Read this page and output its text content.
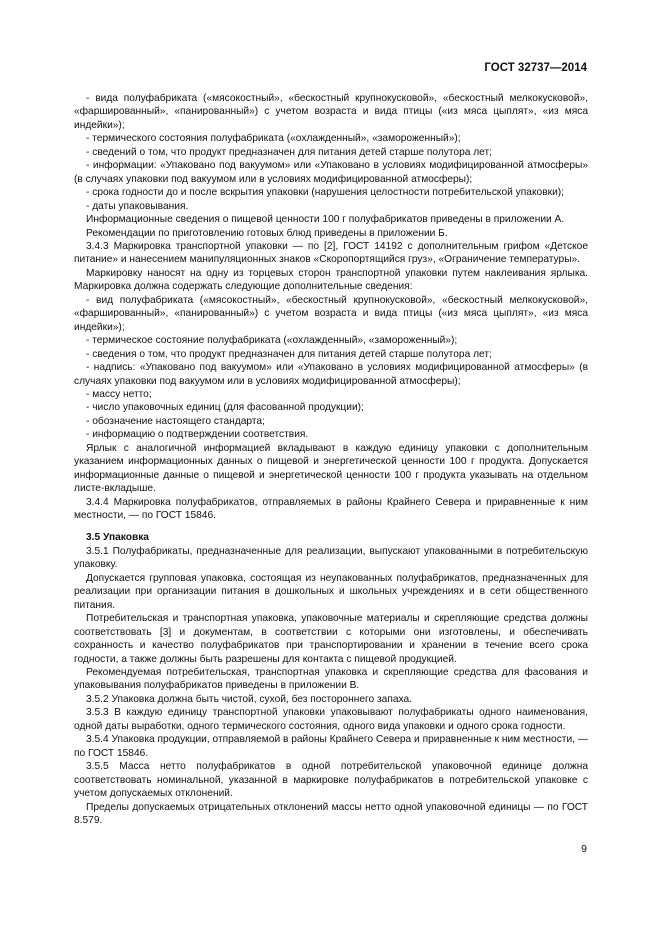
ГОСТ 32737—2014

- вида полуфабриката («мясокостный», «бескостный крупнокусковой», «бескостный мелкокусковой», «фаршированный», «панированный») с учетом возраста и вида птицы («из мяса цыплят», «из мяса индейки»);

- термического состояния полуфабриката («охлажденный», «замороженный»);

- сведений о том, что продукт предназначен для питания детей старше полутора лет;

- информации: «Упаковано под вакуумом» или «Упаковано в условиях модифицированной атмосферы» (в случаях упаковки под вакуумом или в условиях модифицированной атмосферы);

- срока годности до и после вскрытия упаковки (нарушения целостности потребительской упаковки);

- даты упаковывания.

Информационные сведения о пищевой ценности 100 г полуфабрикатов приведены в приложении А.

Рекомендации по приготовлению готовых блюд приведены в приложении Б.

3.4.3 Маркировка транспортной упаковки — по [2], ГОСТ 14192 с дополнительным грифом «Детское питание» и нанесением манипуляционных знаков «Скоропортящийся груз», «Ограничение температуры».

Маркировку наносят на одну из торцевых сторон транспортной упаковки путем наклеивания ярлыка. Маркировка должна содержать следующие дополнительные сведения:

- вид полуфабриката («мясокостный», «бескостный крупнокусковой», «бескостный мелкокусковой», «фаршированный», «панированный») с учетом возраста и вида птицы («из мяса цыплят», «из мяса индейки»);

- термическое состояние полуфабриката («охлажденный», «замороженный»);

- сведения о том, что продукт предназначен для питания детей старше полутора лет;

- надпись: «Упаковано под вакуумом» или «Упаковано в условиях модифицированной атмосферы» (в случаях упаковки под вакуумом или в условиях модифицированной атмосферы);

- массу нетто;

- число упаковочных единиц (для фасованной продукции);

- обозначение настоящего стандарта;

- информацию о подтверждении соответствия.

Ярлык с аналогичной информацией вкладывают в каждую единицу упаковки с дополнительным указанием информационных данных о пищевой и энергетической ценности 100 г продукта. Допускается информационные данные о пищевой и энергетической ценности 100 г продукта указывать на отдельном листе-вкладыше.

3.4.4 Маркировка полуфабрикатов, отправляемых в районы Крайнего Севера и приравненные к ним местности, — по ГОСТ 15846.

3.5 Упаковка

3.5.1 Полуфабрикаты, предназначенные для реализации, выпускают упакованными в потребительскую упаковку.

Допускается групповая упаковка, состоящая из неупакованных полуфабрикатов, предназначенных для реализации при организации питания в дошкольных и школьных учреждениях и в сети общественного питания.

Потребительская и транспортная упаковка, упаковочные материалы и скрепляющие средства должны соответствовать [3] и документам, в соответствии с которыми они изготовлены, и обеспечивать сохранность и качество полуфабрикатов при транспортировании и хранении в течение всего срока годности, а также должны быть разрешены для контакта с пищевой продукцией.

Рекомендуемая потребительская, транспортная упаковка и скрепляющие средства для фасования и упаковывания полуфабрикатов приведены в приложении В.

3.5.2 Упаковка должна быть чистой, сухой, без постороннего запаха.

3.5.3 В каждую единицу транспортной упаковки упаковывают полуфабрикаты одного наименования, одной даты выработки, одного термического состояния, одного вида упаковки и одного срока годности.

3.5.4 Упаковка продукции, отправляемой в районы Крайнего Севера и приравненные к ним местности, — по ГОСТ 15846.

3.5.5 Масса нетто полуфабрикатов в одной потребительской упаковочной единице должна соответствовать номинальной, указанной в маркировке полуфабрикатов в потребительской упаковке с учетом допускаемых отклонений.

Пределы допускаемых отрицательных отклонений массы нетто одной упаковочной единицы — по ГОСТ 8.579.

9
